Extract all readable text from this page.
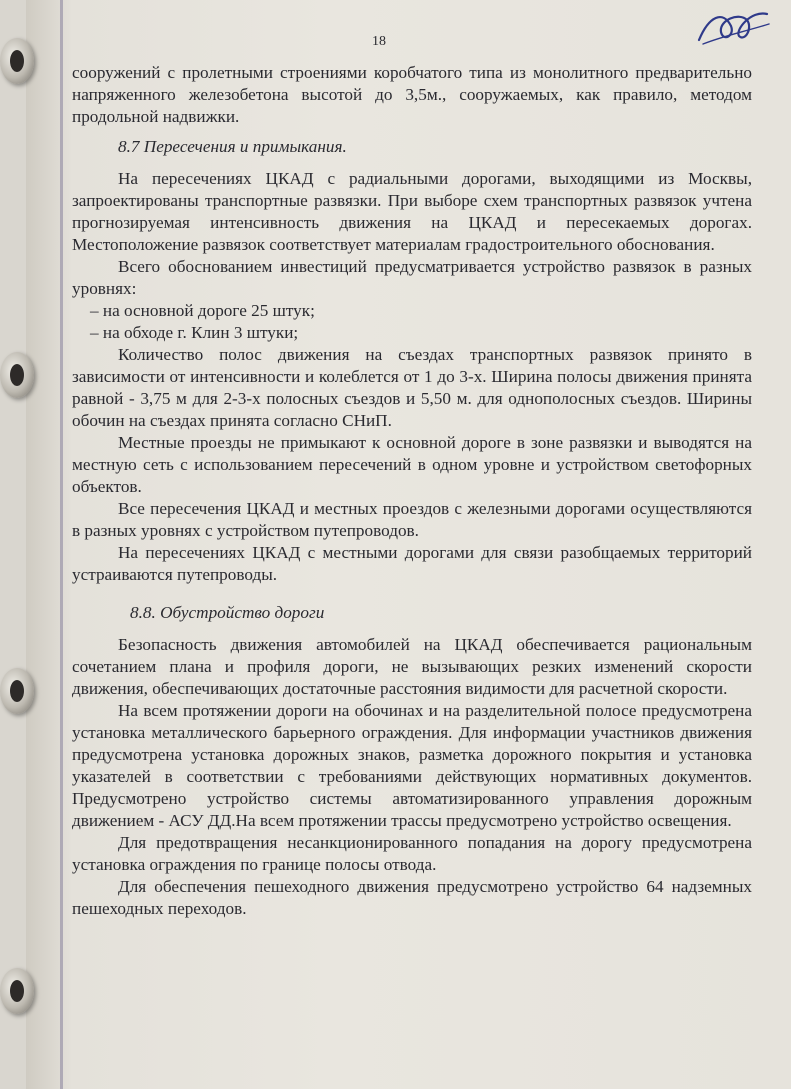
18

сооружений с пролетными строениями коробчатого типа из монолитного предварительно напряженного железобетона высотой до 3,5м., сооружаемых, как правило, методом продольной надвижки.

8.7 Пересечения и примыкания.

На пересечениях ЦКАД с радиальными дорогами, выходящими из Москвы, запроектированы транспортные развязки. При выборе схем транспортных развязок учтена прогнозируемая интенсивность движения на ЦКАД и пересекаемых дорогах. Местоположение развязок соответствует материалам градостроительного обоснования.

Всего обоснованием инвестиций предусматривается устройство развязок в разных уровнях:

– на основной дороге 25 штук;

– на обходе г. Клин 3 штуки;

Количество полос движения на съездах транспортных развязок принято в зависимости от интенсивности и колеблется от 1 до 3-х. Ширина полосы движения принята равной - 3,75 м для 2-3-х полосных съездов и 5,50 м. для однополосных съездов. Ширины обочин на съездах принята согласно СНиП.

Местные проезды не примыкают к основной дороге в зоне развязки и выводятся на местную сеть с использованием пересечений в одном уровне и устройством светофорных объектов.

Все пересечения ЦКАД и местных проездов с железными дорогами осуществляются в разных уровнях с устройством путепроводов.

На пересечениях ЦКАД с местными дорогами для связи разобщаемых территорий устраиваются путепроводы.

8.8. Обустройство дороги

Безопасность движения автомобилей на ЦКАД обеспечивается рациональным сочетанием плана и профиля дороги, не вызывающих резких изменений скорости движения, обеспечивающих достаточные расстояния видимости для расчетной скорости.

На всем протяжении дороги на обочинах и на разделительной полосе предусмотрена установка металлического барьерного ограждения. Для информации участников движения предусмотрена установка дорожных знаков, разметка дорожного покрытия и установка указателей в соответствии с требованиями действующих нормативных документов. Предусмотрено устройство системы автоматизированного управления дорожным движением - АСУ ДД.На всем протяжении трассы предусмотрено устройство освещения.

Для предотвращения несанкционированного попадания на дорогу предусмотрена установка ограждения по границе полосы отвода.

Для обеспечения пешеходного движения предусмотрено устройство 64 надземных пешеходных переходов.
